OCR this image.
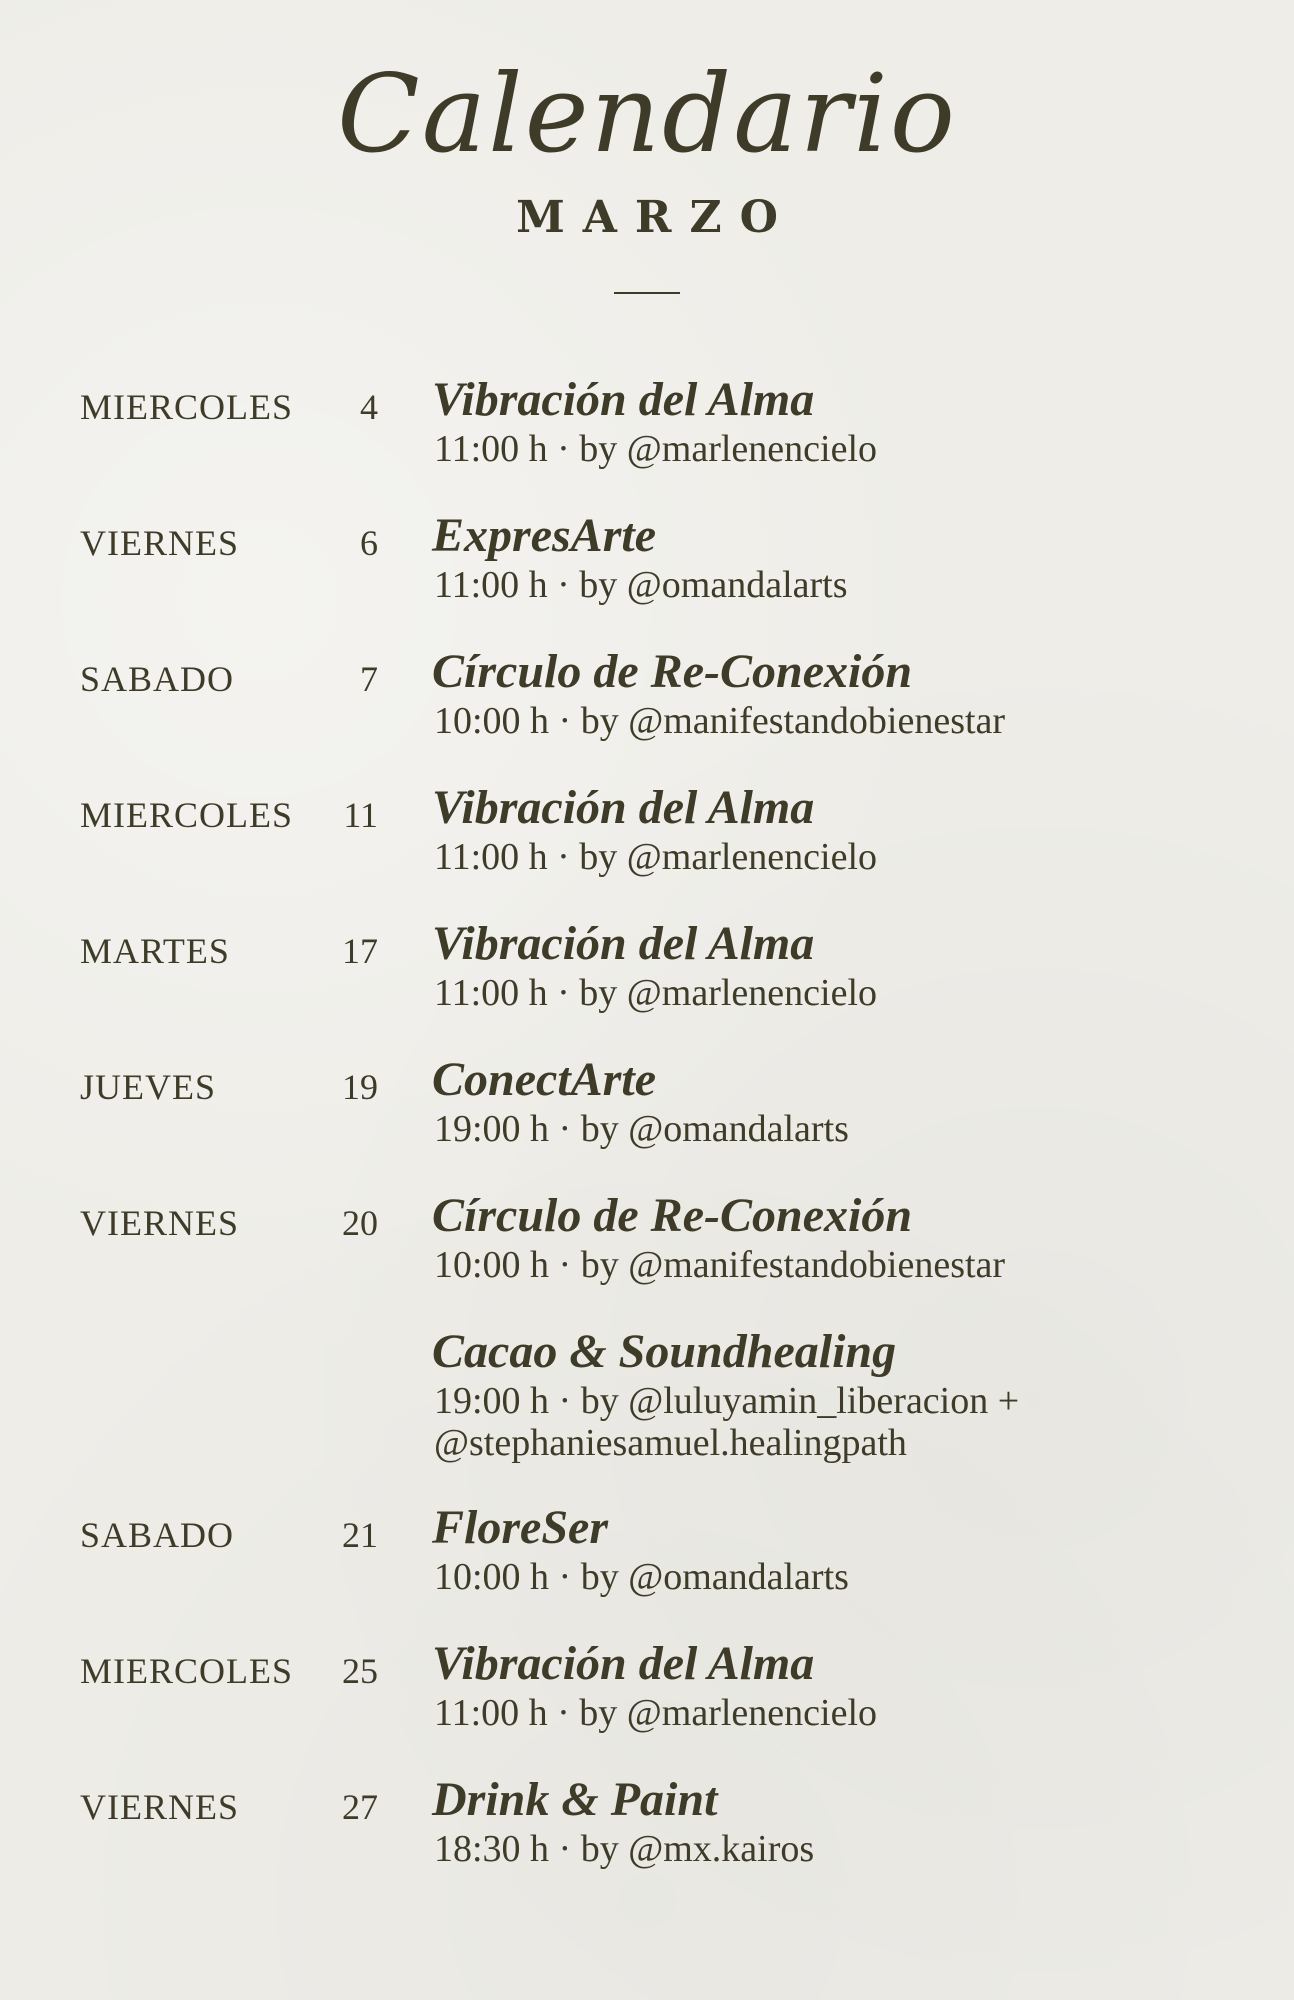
Calendario
MARZO
MIERCOLES	4 Vibración del Alma
11:00 h · by @marlenencielo
VIERNES	6 ExpresArte
11:00 h · by @omandalarts
SABADO	7 Círculo de Re-Conexión
10:00 h · by @manifestandobienestar
MIERCOLES	11 Vibración del Alma
11:00 h · by @marlenencielo
MARTES	17 Vibración del Alma
11:00 h · by @marlenencielo
JUEVES	19 ConectArte
19:00 h · by @omandalarts
VIERNES	20 Círculo de Re-Conexión
10:00 h · by @manifestandobienestar
Cacao & Soundhealing
19:00 h · by @luluyamin_liberacion +
@stephaniesamuel.healingpath
SABADO	21 FloreSer
10:00 h · by @omandalarts
MIERCOLES	25 Vibración del Alma
11:00 h · by @marlenencielo
VIERNES	27 Drink & Paint
18:30 h · by @mx.kairos
